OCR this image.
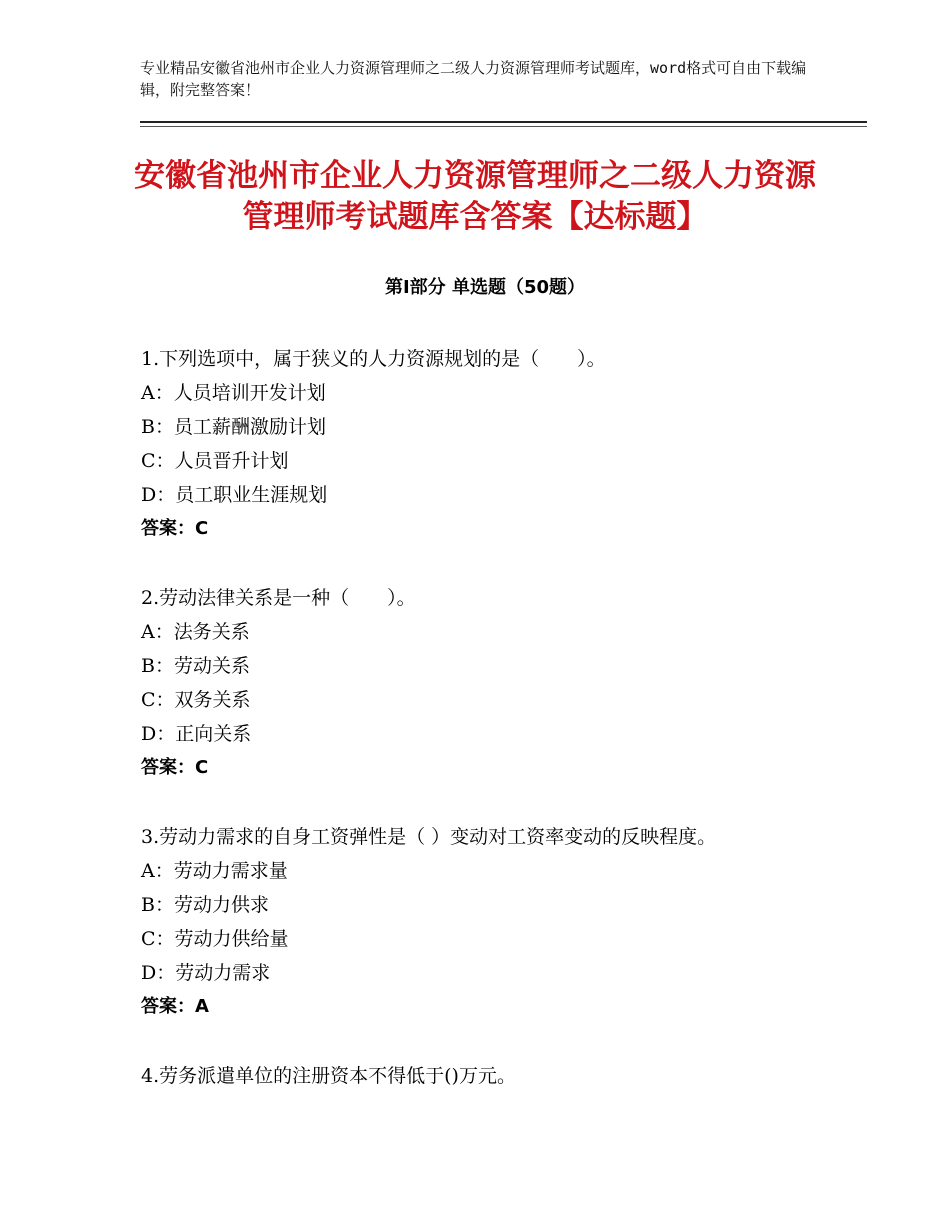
专业精品安徽省池州市企业人力资源管理师之二级人力资源管理师考试题库，word格式可自由下载编辑，附完整答案！
安徽省池州市企业人力资源管理师之二级人力资源管理师考试题库含答案【达标题】
第Ⅰ部分 单选题（50题）
1.下列选项中，属于狭义的人力资源规划的是（　　）。
A：人员培训开发计划
B：员工薪酬激励计划
C：人员晋升计划
D：员工职业生涯规划
答案：C
2.劳动法律关系是一种（　　）。
A：法务关系
B：劳动关系
C：双务关系
D：正向关系
答案：C
3.劳动力需求的自身工资弹性是（ ）变动对工资率变动的反映程度。
A：劳动力需求量
B：劳动力供求
C：劳动力供给量
D：劳动力需求
答案：A
4.劳务派遣单位的注册资本不得低于()万元。
